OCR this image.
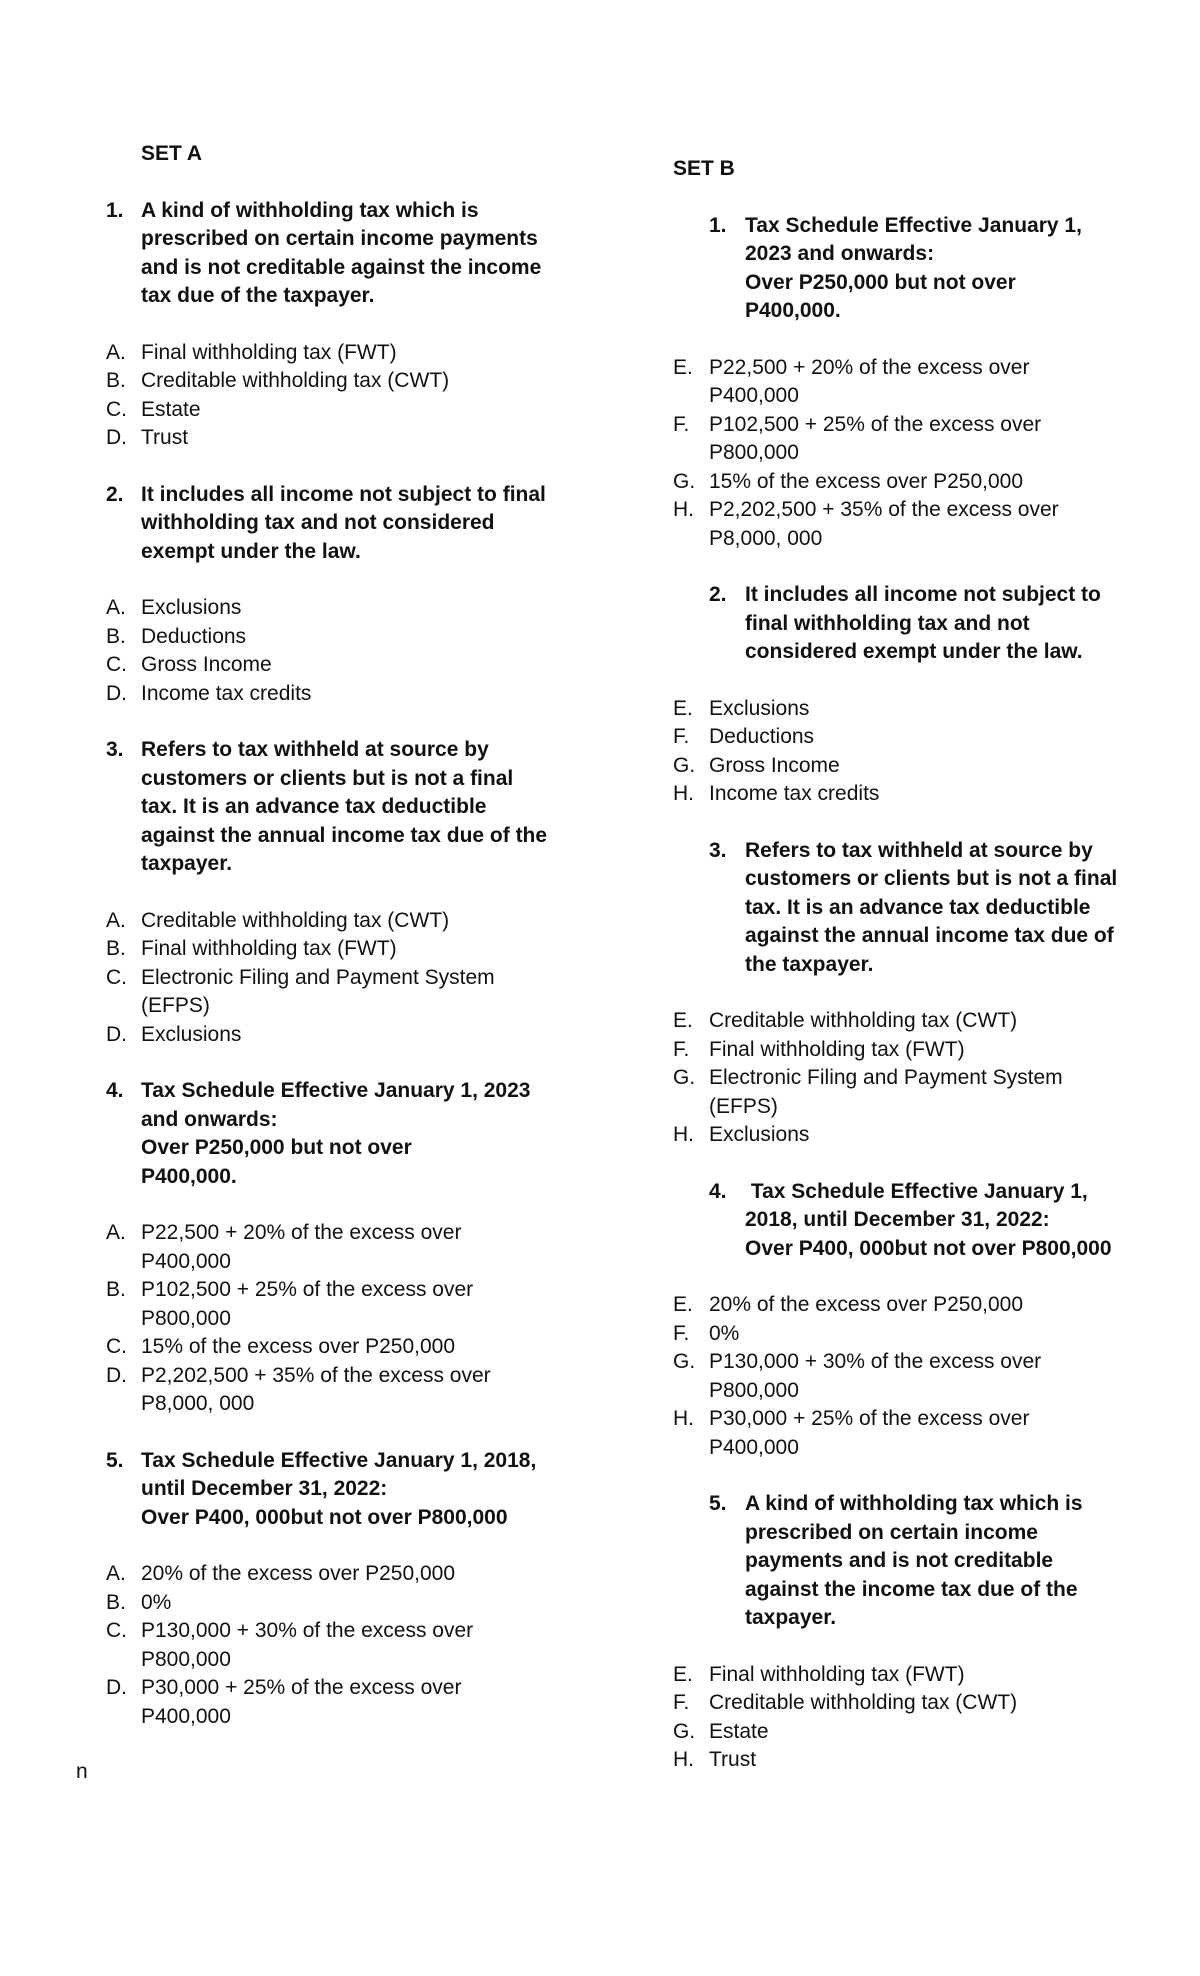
SET A
1. A kind of withholding tax which is
prescribed on certain income payments
and is not creditable against the income
tax due of the taxpayer.
A. Final withholding tax (FWT)
B. Creditable withholding tax (CWT)
C. Estate
D. Trust
2. It includes all income not subject to final
withholding tax and not considered
exempt under the law.
A. Exclusions
B. Deductions
C. Gross Income
D. Income tax credits
3. Refers to tax withheld at source by
customers or clients but is not a final
tax. It is an advance tax deductible
against the annual income tax due of the
taxpayer.
A. Creditable withholding tax (CWT)
B. Final withholding tax (FWT)
C. Electronic Filing and Payment System
(EFPS)
D. Exclusions
4. Tax Schedule Effective January 1, 2023
and onwards:
Over P250,000 but not over
P400,000.
A. P22,500 + 20% of the excess over
P400,000
B. P102,500 + 25% of the excess over
P800,000
C. 15% of the excess over P250,000
D. P2,202,500 + 35% of the excess over
P8,000, 000
5. Tax Schedule Effective January 1, 2018,
until December 31, 2022:
Over P400, 000but not over P800,000
A. 20% of the excess over P250,000
B. 0%
C. P130,000 + 30% of the excess over
P800,000
D. P30,000 + 25% of the excess over
P400,000
SET B
1. Tax Schedule Effective January 1,
2023 and onwards:
Over P250,000 but not over
P400,000.
E. P22,500 + 20% of the excess over
P400,000
F. P102,500 + 25% of the excess over
P800,000
G. 15% of the excess over P250,000
H. P2,202,500 + 35% of the excess over
P8,000, 000
2. It includes all income not subject to
final withholding tax and not
considered exempt under the law.
E. Exclusions
F. Deductions
G. Gross Income
H. Income tax credits
3. Refers to tax withheld at source by
customers or clients but is not a final
tax. It is an advance tax deductible
against the annual income tax due of
the taxpayer.
E. Creditable withholding tax (CWT)
F. Final withholding tax (FWT)
G. Electronic Filing and Payment System
(EFPS)
H. Exclusions
4. Tax Schedule Effective January 1,
2018, until December 31, 2022:
Over P400, 000but not over P800,000
E. 20% of the excess over P250,000
F. 0%
G. P130,000 + 30% of the excess over
P800,000
H. P30,000 + 25% of the excess over
P400,000
5. A kind of withholding tax which is
prescribed on certain income
payments and is not creditable
against the income tax due of the
taxpayer.
E. Final withholding tax (FWT)
F. Creditable withholding tax (CWT)
G. Estate
H. Trust
n
